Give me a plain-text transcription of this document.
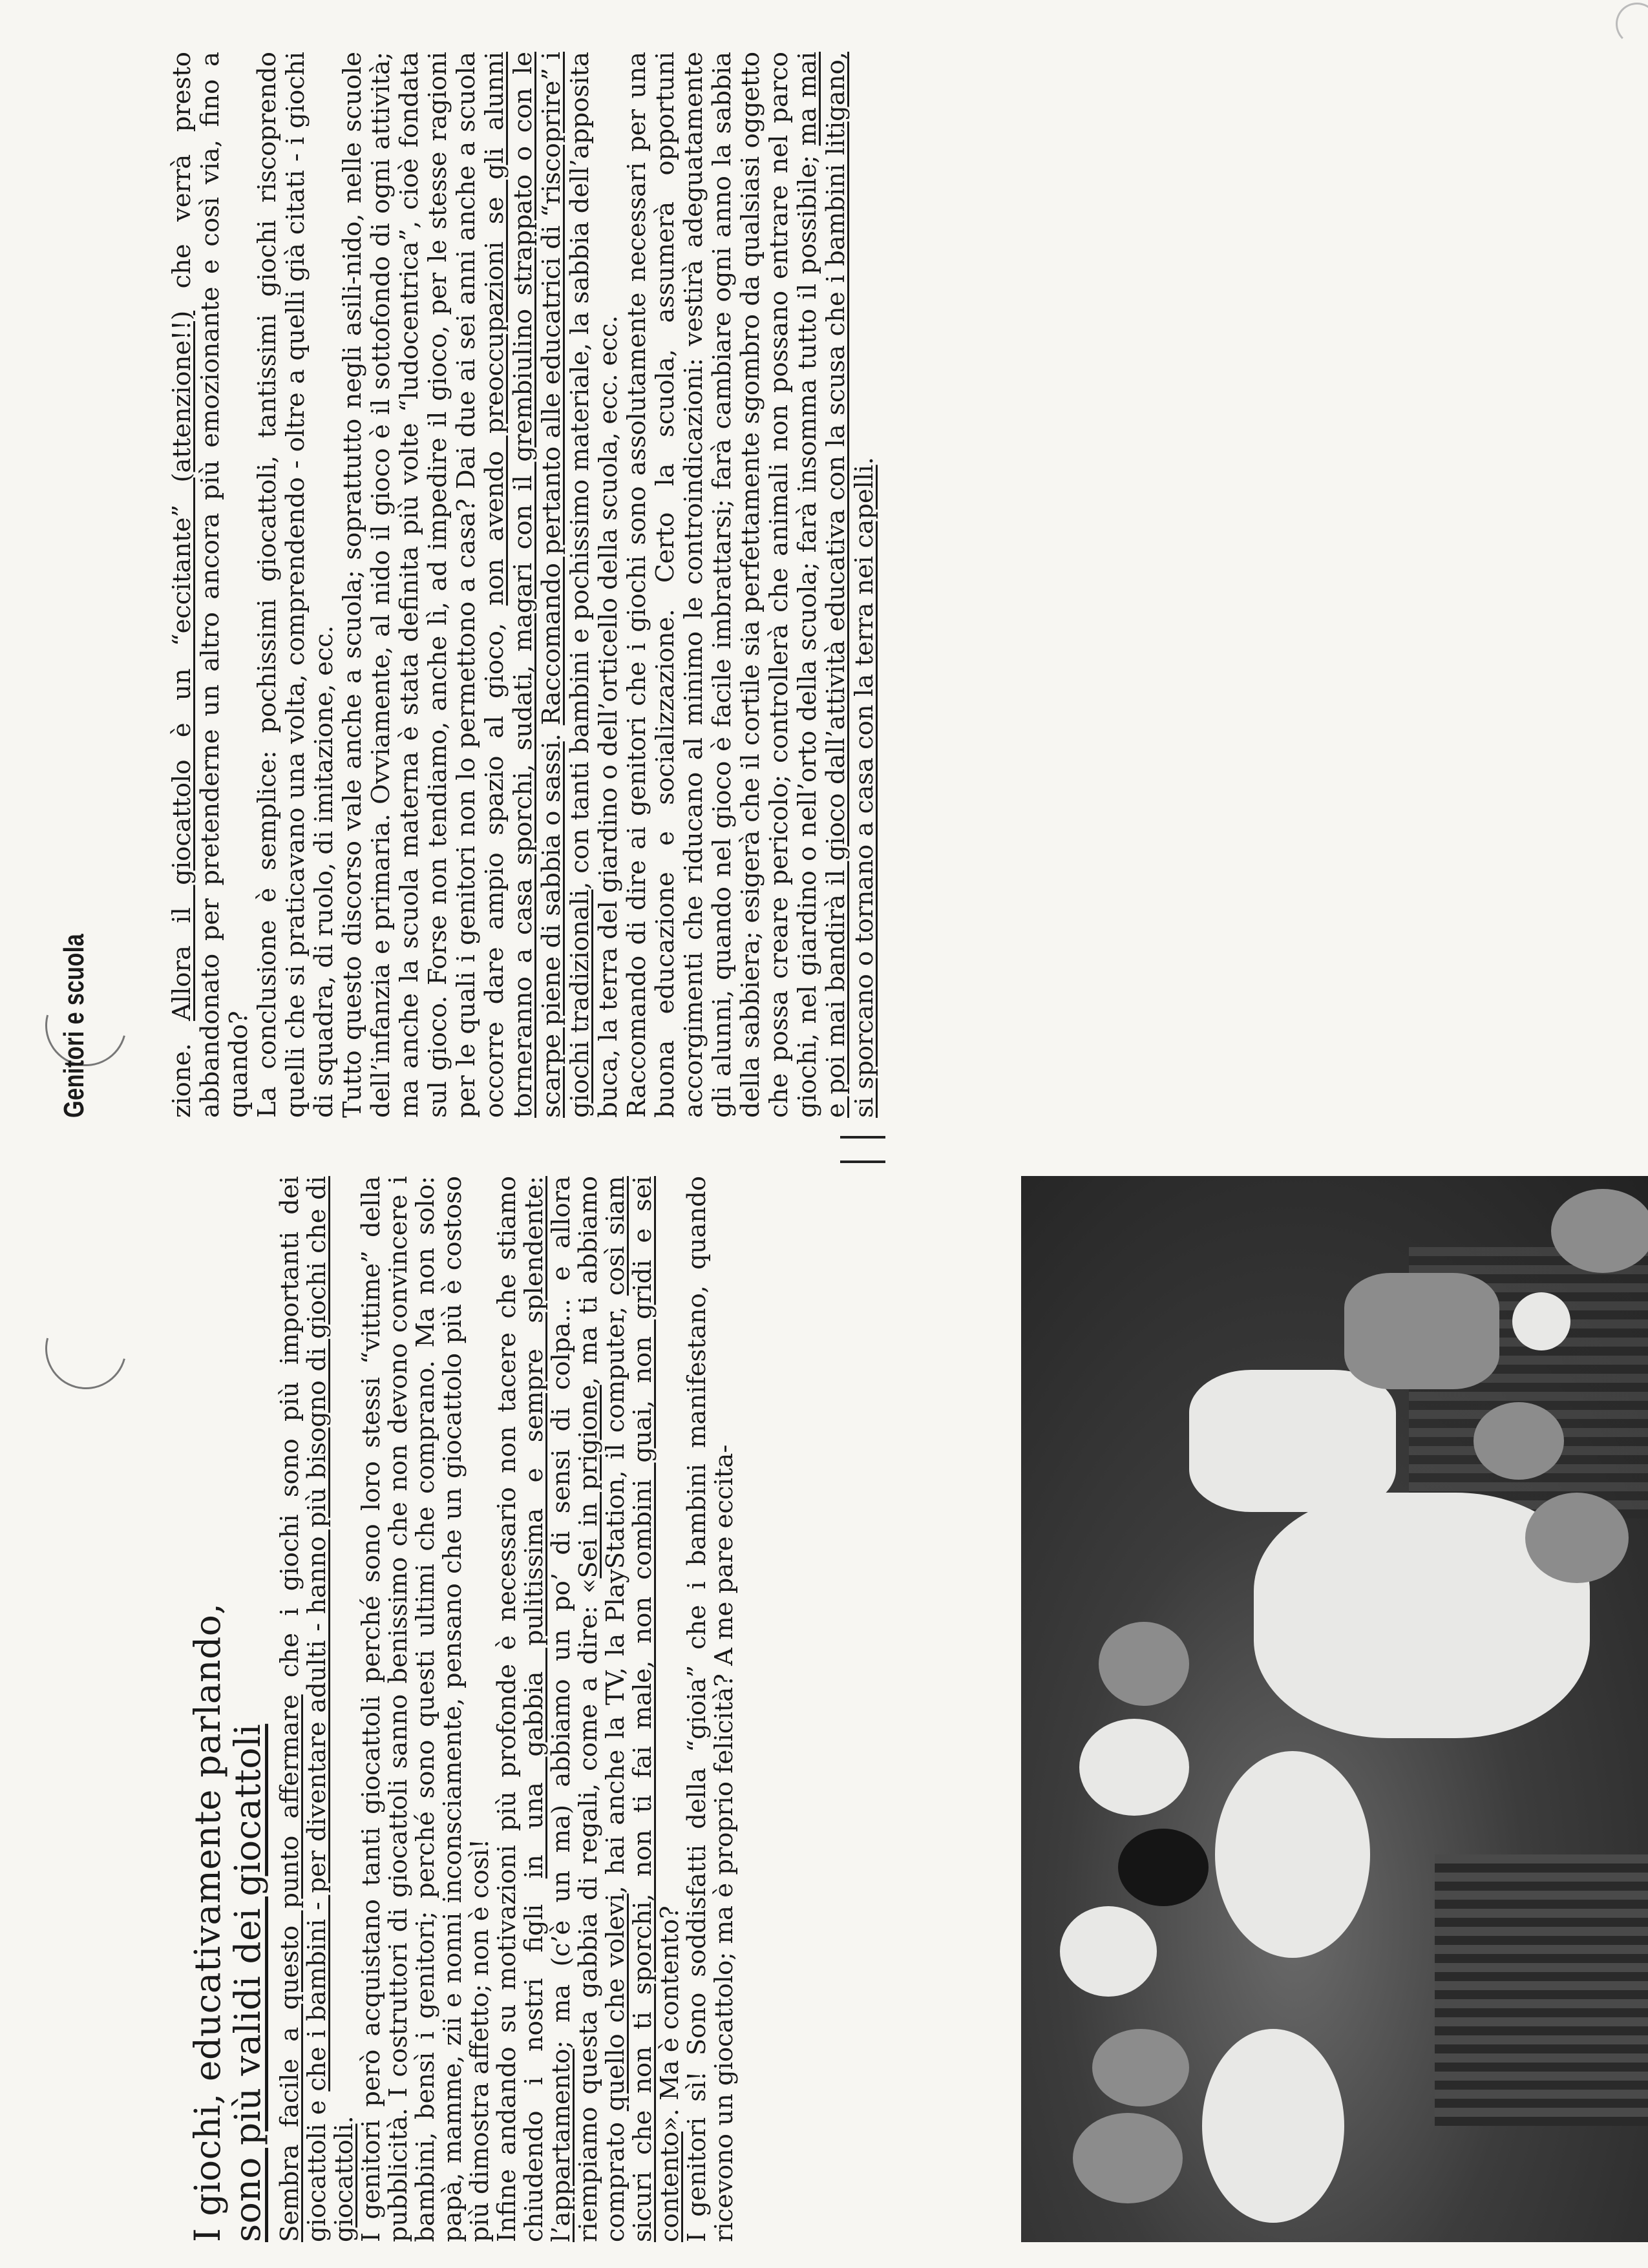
I giochi, educativamente parlando,
sono più validi dei giocattoli Sembra facile a questo punto affermare che i giochi sono più importanti dei giocattoli e che i bambini - per diventare adulti - hanno più bisogno di giochi che di giocattoli.

I genitori però acquistano tanti giocattoli perché sono loro stessi “vittime” della pubblicità. I costruttori di giocattoli sanno benissimo che non devono convincere i bambini, bensì i genitori; perché sono questi ultimi che comprano. Ma non solo: papà, mamme, zii e nonni inconsciamente, pensano che un giocattolo più è costoso più dimostra affetto; non è così!

Infine andando su motivazioni più profonde è necessario non tacere che stiamo chiudendo i nostri figli in una gabbia pulitissima e sempre splendente: l’appartamento; ma (c’è un ma) abbiamo un po’ di sensi di colpa... e allora riempiamo questa gabbia di regali, come a dire: «Sei in prigione, ma ti abbiamo comprato quello che volevi, hai anche la TV, la PlayStation, il computer, così siam sicuri che non ti sporchi, non ti fai male, non combini guai, non gridi e sei contento». Ma è contento?

I genitori sì! Sono soddisfatti della “gioia” che i bambini manifestano, quando ricevono un giocattolo; ma è proprio felicità? A me pare eccita-

Genitori e scuola	zione. Allora il giocattolo è un “eccitante” (attenzione!!) che verrà presto abbandonato per pretenderne un altro ancora più emozionante e così via, fino a quando? La conclusione è semplice: pochissimi giocattoli, tantissimi giochi riscoprendo quelli che si praticavano una volta, comprendendo - oltre a quelli già citati - i giochi di squadra, di ruolo, di imitazione, ecc. Tutto questo discorso vale anche a scuola; soprattutto negli asili-nido, nelle scuole dell’infanzia e primaria. Ovviamente, al nido il gioco è il sottofondo di ogni attività; ma anche la scuola materna è stata definita più volte “ludocentrica”, cioè fondata sul gioco. Forse non tendiamo, anche lì, ad impedire il gioco, per le stesse ragioni per le quali i genitori non lo permettono a casa? Dai due ai sei anni anche a scuola occorre dare ampio spazio al gioco, non avendo preoccupazioni se gli alunni torneranno a casa sporchi, sudati, magari con il grembiulino strappato o con le scarpe piene di sabbia o sassi. Raccomando pertanto alle educatrici di “riscoprire” i giochi tradizionali, con tanti bambini e pochissimo materiale, la sabbia dell’apposita buca, la terra del giardino o dell’orticello della scuola, ecc. ecc. Raccomando di dire ai genitori che i giochi sono assolutamente necessari per una buona educazione e socializzazione. Certo la scuola, assumerà opportuni accorgimenti che riducano al minimo le controindicazioni: vestirà adeguatamente gli alunni, quando nel gioco è facile imbrattarsi; farà cambiare ogni anno la sabbia della sabbiera; esigerà che il cortile sia perfettamente sgombro da qualsiasi oggetto che possa creare pericolo; controllerà che animali non possano entrare nel parco giochi, nel giardino o nell’orto della scuola; farà insomma tutto il possibile; ma mai e poi mai bandirà il gioco dall’attività educativa con la scusa che i bambini litigano, si sporcano o tornano a casa con la terra nei capelli.
